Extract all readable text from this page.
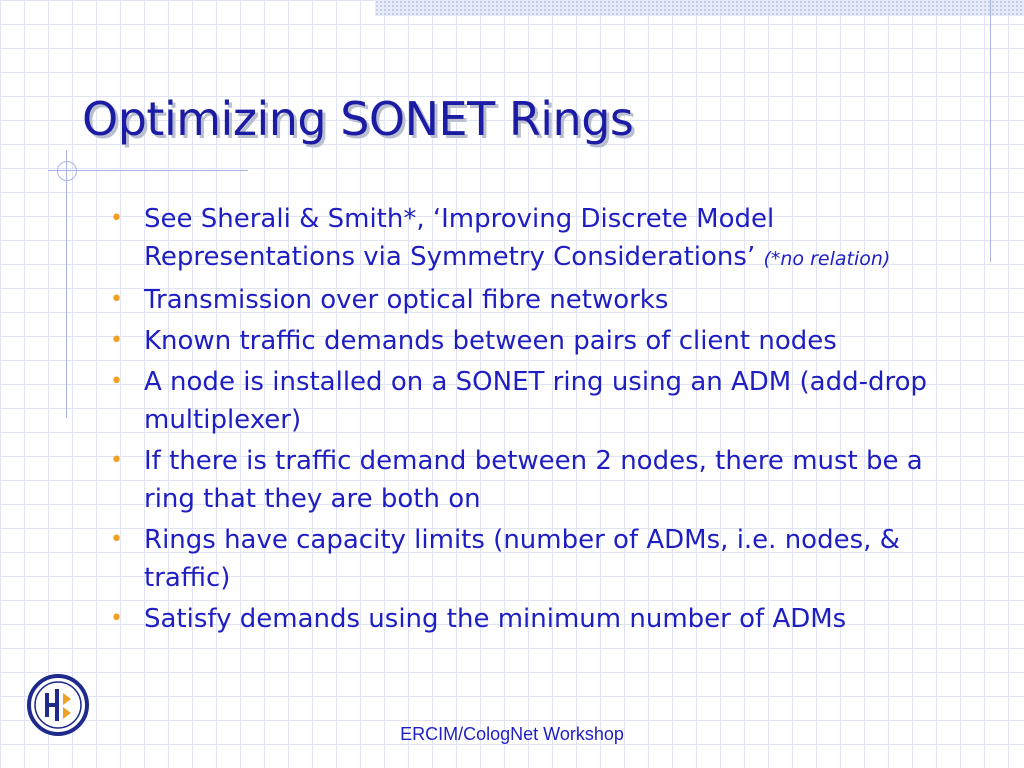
Optimizing SONET Rings
• See Sherali & Smith*, ‘Improving Discrete Model Representations via Symmetry Considerations’ (*no relation)
• Transmission over optical fibre networks
• Known traffic demands between pairs of client nodes
• A node is installed on a SONET ring using an ADM (add-drop multiplexer)
• If there is traffic demand between 2 nodes, there must be a ring that they are both on
• Rings have capacity limits (number of ADMs, i.e. nodes, & traffic)
• Satisfy demands using the minimum number of ADMs
ERCIM/CologNet Workshop
